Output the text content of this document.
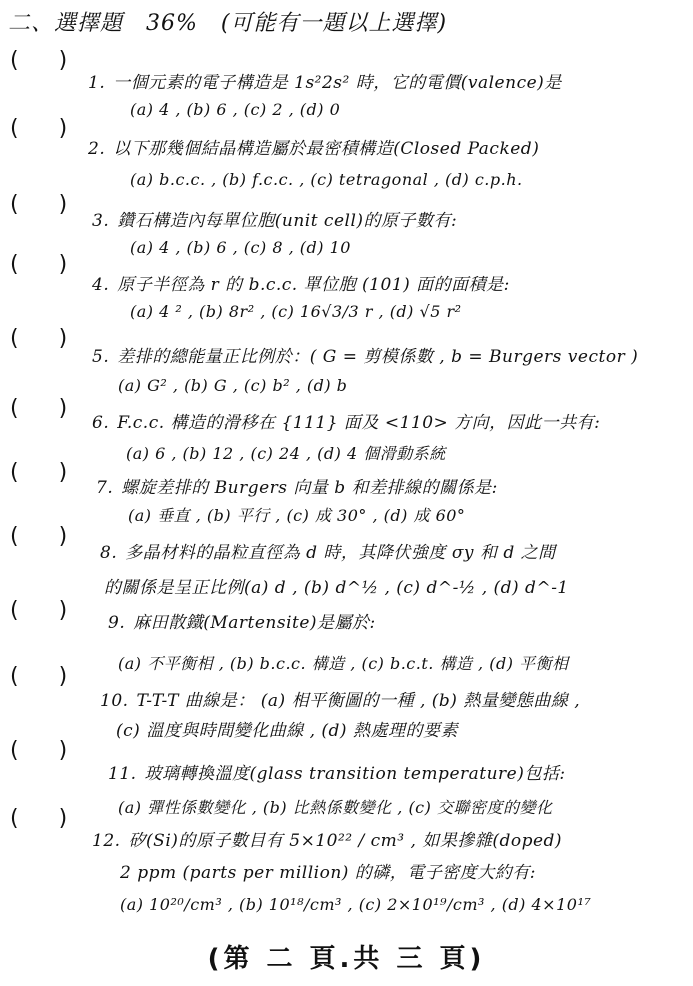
二、選擇題　36%　(可能有一題以上選擇)
( )
1. 一個元素的電子構造是 1s²2s² 時，它的電價(valence)是
(a) 4 , (b) 6 , (c) 2 , (d) 0
( )
2. 以下那幾個結晶構造屬於最密積構造(Closed Packed)
(a) b.c.c. , (b) f.c.c. , (c) tetragonal , (d) c.p.h.
( )
3. 鑽石構造內每單位胞(unit cell)的原子數有:
(a) 4 , (b) 6 , (c) 8 , (d) 10
( )
4. 原子半徑為 r 的 b.c.c. 單位胞 (101) 面的面積是:
(a) 4 ² , (b) 8r² , (c) 16√3/3 r , (d) √5 r²
( )
5. 差排的總能量正比例於：( G = 剪模係數 , b = Burgers vector )
(a) G² , (b) G , (c) b² , (d) b
( )
6. F.c.c. 構造的滑移在 {111} 面及 <110> 方向，因此一共有:
(a) 6 , (b) 12 , (c) 24 , (d) 4 個滑動系統
( )
7. 螺旋差排的 Burgers 向量 b 和差排線的關係是:
(a) 垂直 , (b) 平行 , (c) 成 30° , (d) 成 60°
( )
8. 多晶材料的晶粒直徑為 d 時，其降伏強度 σy 和 d 之間
的關係是呈正比例(a) d , (b) d^½ , (c) d^-½ , (d) d^-1
( ) 9. 麻田散鐵(Martensite)是屬於:
(a) 不平衡相 , (b) b.c.c. 構造 , (c) b.c.t. 構造 , (d) 平衡相
( )
10. T-T-T 曲線是： (a) 相平衡圖的一種 , (b) 熱量變態曲線 ,
(c) 溫度與時間變化曲線 , (d) 熱處理的要素
( )
11. 玻璃轉換溫度(glass transition temperature)包括:
(a) 彈性係數變化 , (b) 比熱係數變化 , (c) 交聯密度的變化
( )
12. 矽(Si)的原子數目有 5×10²² / cm³ , 如果摻雜(doped)
2 ppm (parts per million) 的磷，電子密度大約有:
(a) 10²⁰/cm³ , (b) 10¹⁸/cm³ , (c) 2×10¹⁹/cm³ , (d) 4×10¹⁷
(第 二 頁.共 三 頁)
